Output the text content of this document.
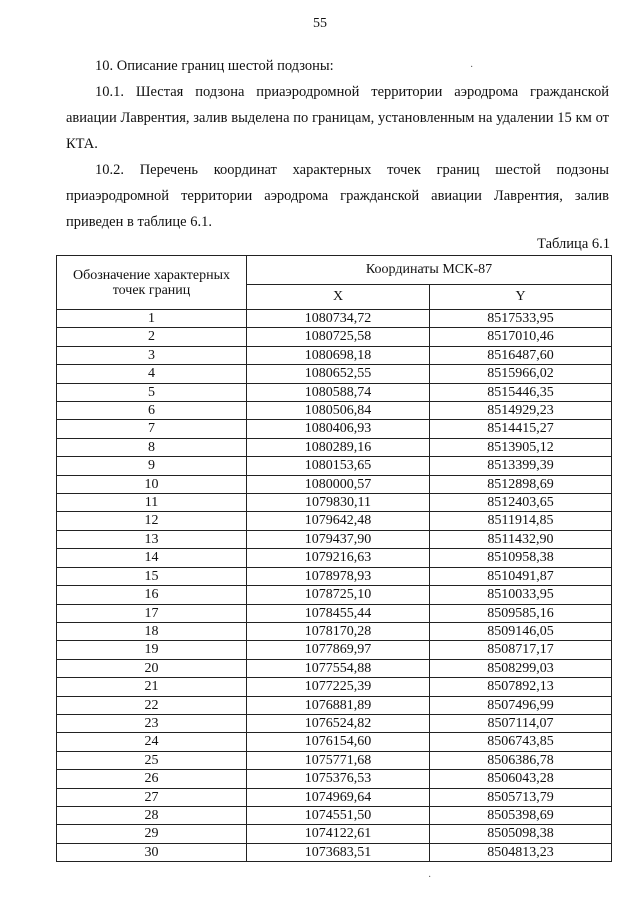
55

10. Описание границ шестой подзоны:

10.1. Шестая подзона приаэродромной территории аэродрома гражданской авиации Лаврентия, залив выделена по границам, установленным на удалении 15 км от КТА.

10.2. Перечень координат характерных точек границ шестой подзоны приаэродромной территории аэродрома гражданской авиации Лаврентия, залив приведен в таблице 6.1.

Таблица 6.1
Обозначение характерных точек границ	Координаты МСК-87	
	X	Y
1	1080734,72	8517533,95
2	1080725,58	8517010,46
3	1080698,18	8516487,60
4	1080652,55	8515966,02
5	1080588,74	8515446,35
6	1080506,84	8514929,23
7	1080406,93	8514415,27
8	1080289,16	8513905,12
9	1080153,65	8513399,39
10	1080000,57	8512898,69
11	1079830,11	8512403,65
12	1079642,48	8511914,85
13	1079437,90	8511432,90
14	1079216,63	8510958,38
15	1078978,93	8510491,87
16	1078725,10	8510033,95
17	1078455,44	8509585,16
18	1078170,28	8509146,05
19	1077869,97	8508717,17
20	1077554,88	8508299,03
21	1077225,39	8507892,13
22	1076881,89	8507496,99
23	1076524,82	8507114,07
24	1076154,60	8506743,85
25	1075771,68	8506386,78
26	1075376,53	8506043,28
27	1074969,64	8505713,79
28	1074551,50	8505398,69
29	1074122,61	8505098,38
30	1073683,51	8504813,23
·
·
